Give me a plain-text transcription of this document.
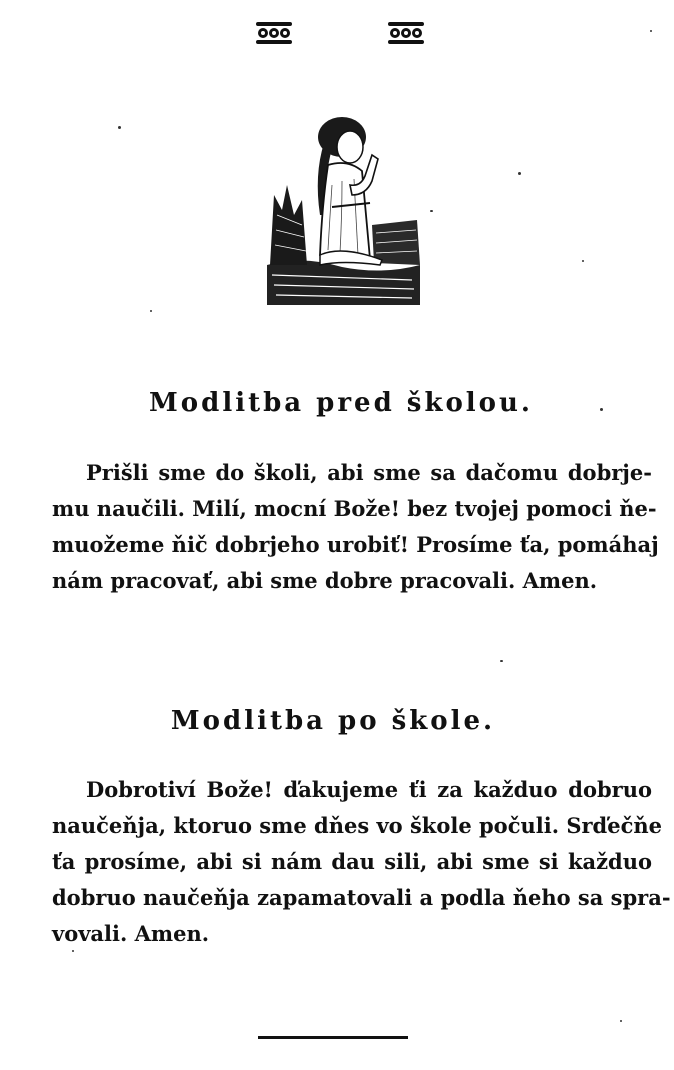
Modlitba pred školou.
Prišli sme do školi, abi sme sa dačomu dobrje-
mu naučili. Milí, mocní Bože! bez tvojej pomoci ňe-
muožeme ňič dobrjeho urobiť! Prosíme ťa, pomáhaj
nám pracovať, abi sme dobre pracovali. Amen.
Modlitba po škole.
Dobrotiví Bože! ďakujeme ťi za každuo dobruo
naučeňja, ktoruo sme dňes vo škole počuli. Srďečňe
ťa prosíme, abi si nám dau sili, abi sme si každuo
dobruo naučeňja zapamatovali a podla ňeho sa spra-
vovali. Amen.
